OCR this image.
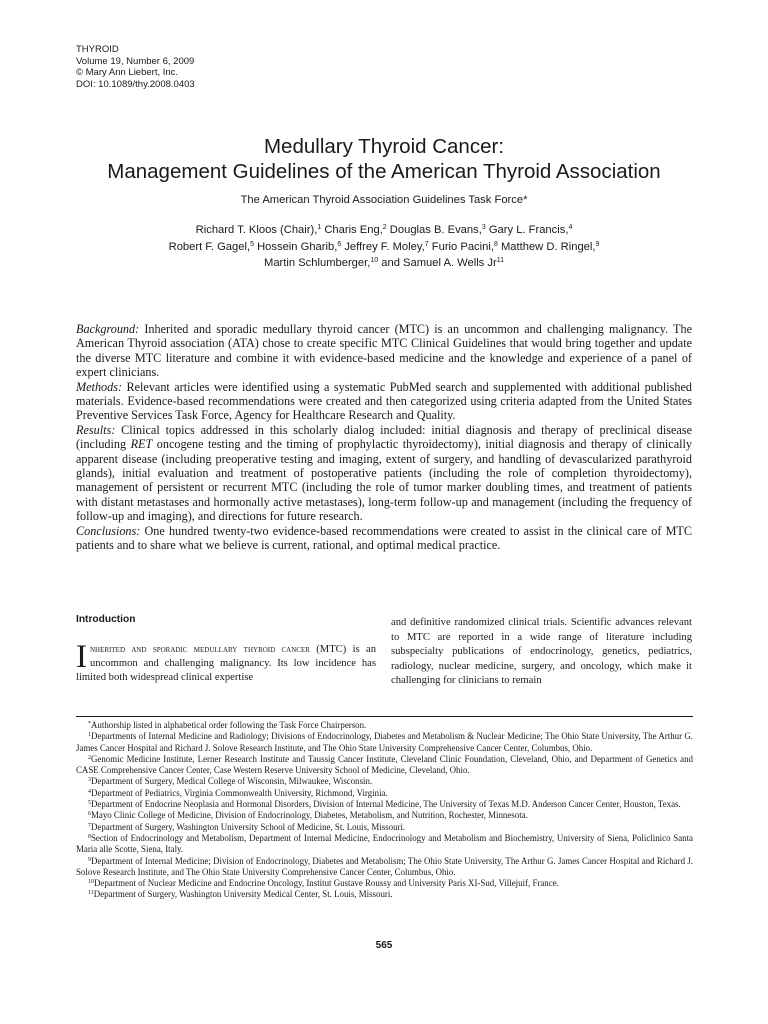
THYROID
Volume 19, Number 6, 2009
© Mary Ann Liebert, Inc.
DOI: 10.1089/thy.2008.0403
Medullary Thyroid Cancer:
Management Guidelines of the American Thyroid Association
The American Thyroid Association Guidelines Task Force*
Richard T. Kloos (Chair),$^1$ Charis Eng,$^2$ Douglas B. Evans,$^3$ Gary L. Francis,$^4$
Robert F. Gagel,$^5$ Hossein Gharib,$^6$ Jeffrey F. Moley,$^7$ Furio Pacini,$^8$ Matthew D. Ringel,$^9$
Martin Schlumberger,$^{10}$ and Samuel A. Wells Jr$^{11}$

Background: Inherited and sporadic medullary thyroid cancer (MTC) is an uncommon and challenging malignancy. The American Thyroid association (ATA) chose to create specific MTC Clinical Guidelines that would bring together and update the diverse MTC literature and combine it with evidence-based medicine and the knowledge and experience of a panel of expert clinicians.

Methods: Relevant articles were identified using a systematic PubMed search and supplemented with additional published materials. Evidence-based recommendations were created and then categorized using criteria adapted from the United States Preventive Services Task Force, Agency for Healthcare Research and Quality.

Results: Clinical topics addressed in this scholarly dialog included: initial diagnosis and therapy of preclinical disease (including RET oncogene testing and the timing of prophylactic thyroidectomy), initial diagnosis and therapy of clinically apparent disease (including preoperative testing and imaging, extent of surgery, and handling of devascularized parathyroid glands), initial evaluation and treatment of postoperative patients (including the role of completion thyroidectomy), management of persistent or recurrent MTC (including the role of tumor marker doubling times, and treatment of patients with distant metastases and hormonally active metastases), long-term follow-up and management (including the frequency of follow-up and imaging), and directions for future research.

Conclusions: One hundred twenty-two evidence-based recommendations were created to assist in the clinical care of MTC patients and to share what we believe is current, rational, and optimal medical practice.

Introduction

Inherited and sporadic medullary thyroid cancer (MTC) is an uncommon and challenging malignancy. Its low incidence has limited both widespread clinical expertise

and definitive randomized clinical trials. Scientific advances relevant to MTC are reported in a wide range of literature including subspecialty publications of endocrinology, genetics, pediatrics, radiology, nuclear medicine, surgery, and oncology, which make it challenging for clinicians to remain

*Authorship listed in alphabetical order following the Task Force Chairperson.

$^1$Departments of Internal Medicine and Radiology; Divisions of Endocrinology, Diabetes and Metabolism & Nuclear Medicine; The Ohio State University, The Arthur G. James Cancer Hospital and Richard J. Solove Research Institute, and The Ohio State University Comprehensive Cancer Center, Columbus, Ohio.

$^2$Genomic Medicine Institute, Lerner Research Institute and Taussig Cancer Institute, Cleveland Clinic Foundation, Cleveland, Ohio, and Department of Genetics and CASE Comprehensive Cancer Center, Case Western Reserve University School of Medicine, Cleveland, Ohio.

$^3$Department of Surgery, Medical College of Wisconsin, Milwaukee, Wisconsin.

$^4$Department of Pediatrics, Virginia Commonwealth University, Richmond, Virginia.

$^5$Department of Endocrine Neoplasia and Hormonal Disorders, Division of Internal Medicine, The University of Texas M.D. Anderson Cancer Center, Houston, Texas.

$^6$Mayo Clinic College of Medicine, Division of Endocrinology, Diabetes, Metabolism, and Nutrition, Rochester, Minnesota.

$^7$Department of Surgery, Washington University School of Medicine, St. Louis, Missouri.

$^8$Section of Endocrinology and Metabolism, Department of Internal Medicine, Endocrinology and Metabolism and Biochemistry, University of Siena, Policlinico Santa Maria alle Scotte, Siena, Italy.

$^9$Department of Internal Medicine; Division of Endocrinology, Diabetes and Metabolism; The Ohio State University, The Arthur G. James Cancer Hospital and Richard J. Solove Research Institute, and The Ohio State University Comprehensive Cancer Center, Columbus, Ohio.

$^{10}$Department of Nuclear Medicine and Endocrine Oncology, Institut Gustave Roussy and University Paris XI-Sud, Villejuif, France.

$^{11}$Department of Surgery, Washington University Medical Center, St. Louis, Missouri.

565
